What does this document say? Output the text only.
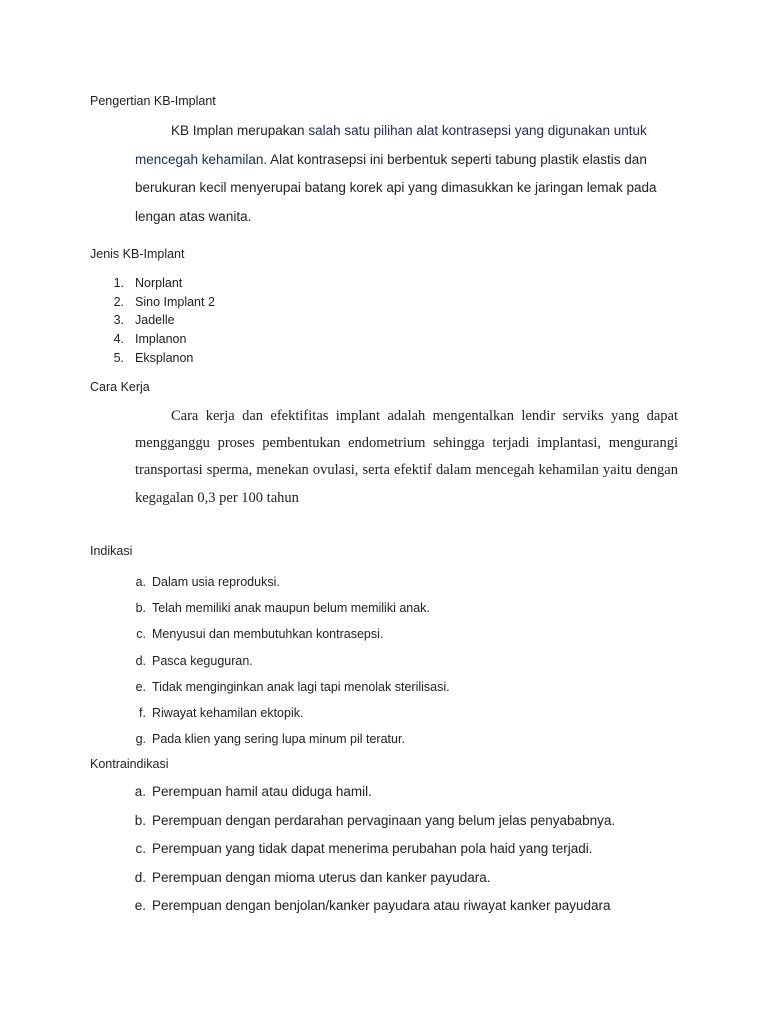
Pengertian KB-Implant
KB Implan merupakan salah satu pilihan alat kontrasepsi yang digunakan untuk mencegah kehamilan. Alat kontrasepsi ini berbentuk seperti tabung plastik elastis dan berukuran kecil menyerupai batang korek api yang dimasukkan ke jaringan lemak pada lengan atas wanita.
Jenis KB-Implant
1. Norplant
2. Sino Implant 2
3. Jadelle
4. Implanon
5. Eksplanon
Cara Kerja
Cara kerja dan efektifitas implant adalah mengentalkan lendir serviks yang dapat mengganggu proses pembentukan endometrium sehingga terjadi implantasi, mengurangi transportasi sperma, menekan ovulasi, serta efektif dalam mencegah kehamilan yaitu dengan kegagalan 0,3 per 100 tahun
Indikasi
a. Dalam usia reproduksi.
b. Telah memiliki anak maupun belum memiliki anak.
c. Menyusui dan membutuhkan kontrasepsi.
d. Pasca keguguran.
e. Tidak menginginkan anak lagi tapi menolak sterilisasi.
f. Riwayat kehamilan ektopik.
g. Pada klien yang sering lupa minum pil teratur.
Kontraindikasi
a. Perempuan hamil atau diduga hamil.
b. Perempuan dengan perdarahan pervaginaan yang belum jelas penyababnya.
c. Perempuan yang tidak dapat menerima perubahan pola haid yang terjadi.
d. Perempuan dengan mioma uterus dan kanker payudara.
e. Perempuan dengan benjolan/kanker payudara atau riwayat kanker payudara
